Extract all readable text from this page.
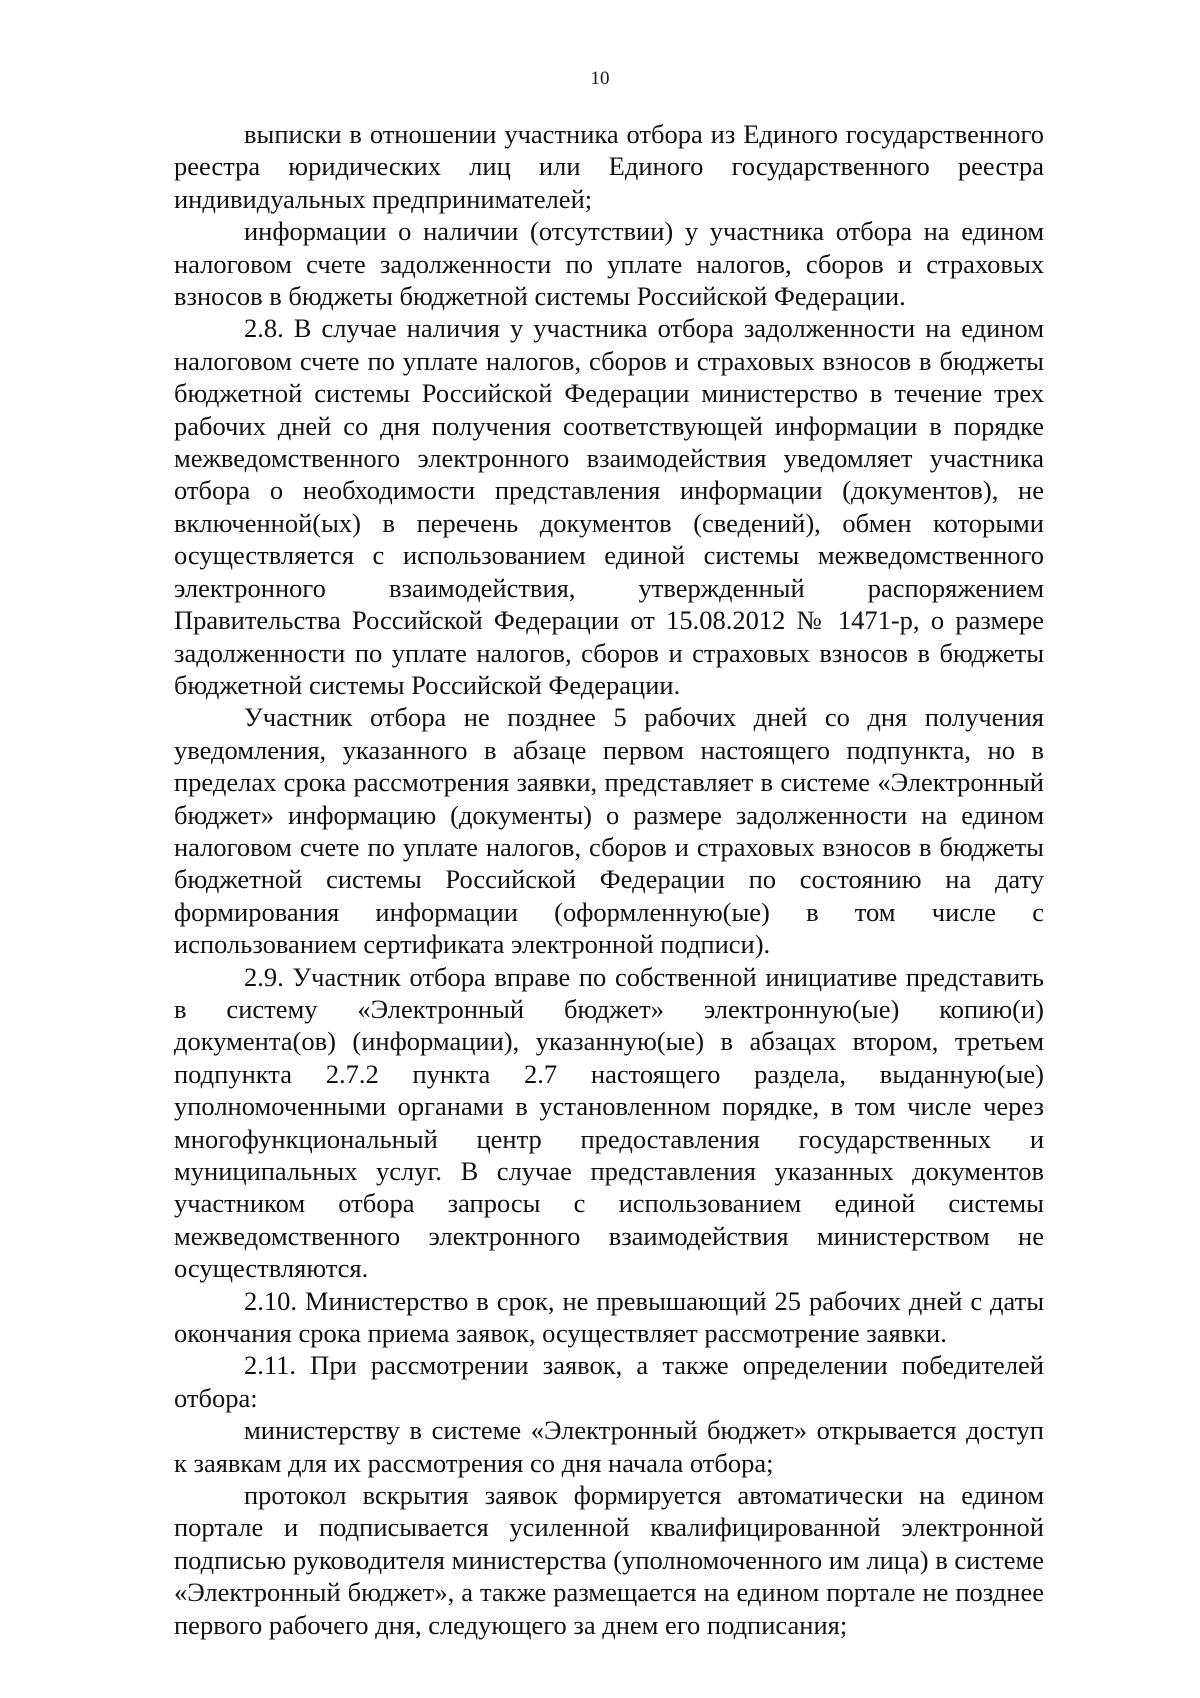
10

выписки в отношении участника отбора из Единого государственного реестра юридических лиц или Единого государственного реестра индивидуальных предпринимателей;

информации о наличии (отсутствии) у участника отбора на едином налоговом счете задолженности по уплате налогов, сборов и страховых взносов в бюджеты бюджетной системы Российской Федерации.

2.8. В случае наличия у участника отбора задолженности на едином налоговом счете по уплате налогов, сборов и страховых взносов в бюджеты бюджетной системы Российской Федерации министерство в течение трех рабочих дней со дня получения соответствующей информации в порядке межведомственного электронного взаимодействия уведомляет участника отбора о необходимости представления информации (документов), не включенной(ых) в перечень документов (сведений), обмен которыми осуществляется с использованием единой системы межведомственного электронного взаимодействия, утвержденный распоряжением Правительства Российской Федерации от 15.08.2012 № 1471-р, о размере задолженности по уплате налогов, сборов и страховых взносов в бюджеты бюджетной системы Российской Федерации.

Участник отбора не позднее 5 рабочих дней со дня получения уведомления, указанного в абзаце первом настоящего подпункта, но в пределах срока рассмотрения заявки, представляет в системе «Электронный бюджет» информацию (документы) о размере задолженности на едином налоговом счете по уплате налогов, сборов и страховых взносов в бюджеты бюджетной системы Российской Федерации по состоянию на дату формирования информации (оформленную(ые) в том числе с использованием сертификата электронной подписи).

2.9. Участник отбора вправе по собственной инициативе представить в систему «Электронный бюджет» электронную(ые) копию(и) документа(ов) (информации), указанную(ые) в абзацах втором, третьем подпункта 2.7.2 пункта 2.7 настоящего раздела, выданную(ые) уполномоченными органами в установленном порядке, в том числе через многофункциональный центр предоставления государственных и муниципальных услуг. В случае представления указанных документов участником отбора запросы с использованием единой системы межведомственного электронного взаимодействия министерством не осуществляются.

2.10. Министерство в срок, не превышающий 25 рабочих дней с даты окончания срока приема заявок, осуществляет рассмотрение заявки.

2.11. При рассмотрении заявок, а также определении победителей отбора:

министерству в системе «Электронный бюджет» открывается доступ к заявкам для их рассмотрения со дня начала отбора;

протокол вскрытия заявок формируется автоматически на едином портале и подписывается усиленной квалифицированной электронной подписью руководителя министерства (уполномоченного им лица) в системе «Электронный бюджет», а также размещается на едином портале не позднее первого рабочего дня, следующего за днем его подписания;
